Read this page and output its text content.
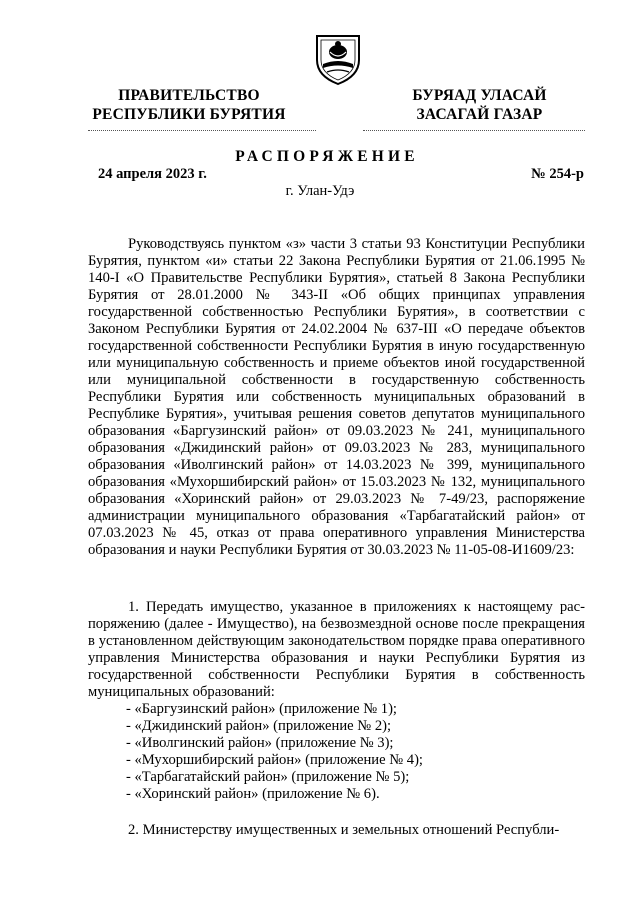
ПРАВИТЕЛЬСТВО
РЕСПУБЛИКИ БУРЯТИЯ
БУРЯАД УЛАСАЙ
ЗАСАГАЙ ГАЗАР
РАСПОРЯЖЕНИЕ
24 апреля 2023 г.	№ 254-р
г. Улан-Удэ

Руководствуясь пунктом «з» части 3 статьи 93 Конституции Республики Бурятия, пунктом «и» статьи 22 Закона Республики Бурятия от 21.06.1995 № 140-I «О Правительстве Республики Бурятия», статьей 8 Закона Республики Бурятия от 28.01.2000 № 343-II «Об общих принципах управления государственной собственностью Республики Бурятия», в соответствии с Законом Республики Бурятия от 24.02.2004 № 637-III «О передаче объектов государственной собственности Республики Бурятия в иную государственную или муниципальную собственность и приеме объектов иной государственной или муниципальной собственности в государственную собственность Республики Бурятия или собственность муниципальных образований в Республике Бурятия», учитывая решения советов депутатов муниципального образования «Баргузинский район» от 09.03.2023 № 241, муниципального образования «Джидинский район» от 09.03.2023 № 283, муниципального образования «Иволгинский район» от 14.03.2023 № 399, муниципального образования «Мухоршибирский район» от 15.03.2023 № 132, муниципального образования «Хоринский район» от 29.03.2023 № 7-49/23, распоряжение администрации муниципального образования «Тарбагатайский район» от 07.03.2023 № 45, отказ от права оперативного управления Министерства образования и науки Республики Бурятия от 30.03.2023 № 11-05-08-И1609/23:

1. Передать имущество, указанное в приложениях к настоящему распоряжению (далее - Имущество), на безвозмездной основе после прекращения в установленном действующим законодательством порядке права оперативного управления Министерства образования и науки Республики Бурятия из государственной собственности Республики Бурятия в собственность муниципальных образований:

- «Баргузинский район» (приложение № 1);
- «Джидинский район» (приложение № 2);
- «Иволгинский район» (приложение № 3);
- «Мухоршибирский район» (приложение № 4);
- «Тарбагатайский район» (приложение № 5);
- «Хоринский район» (приложение № 6).

2. Министерству имущественных и земельных отношений Республи-
